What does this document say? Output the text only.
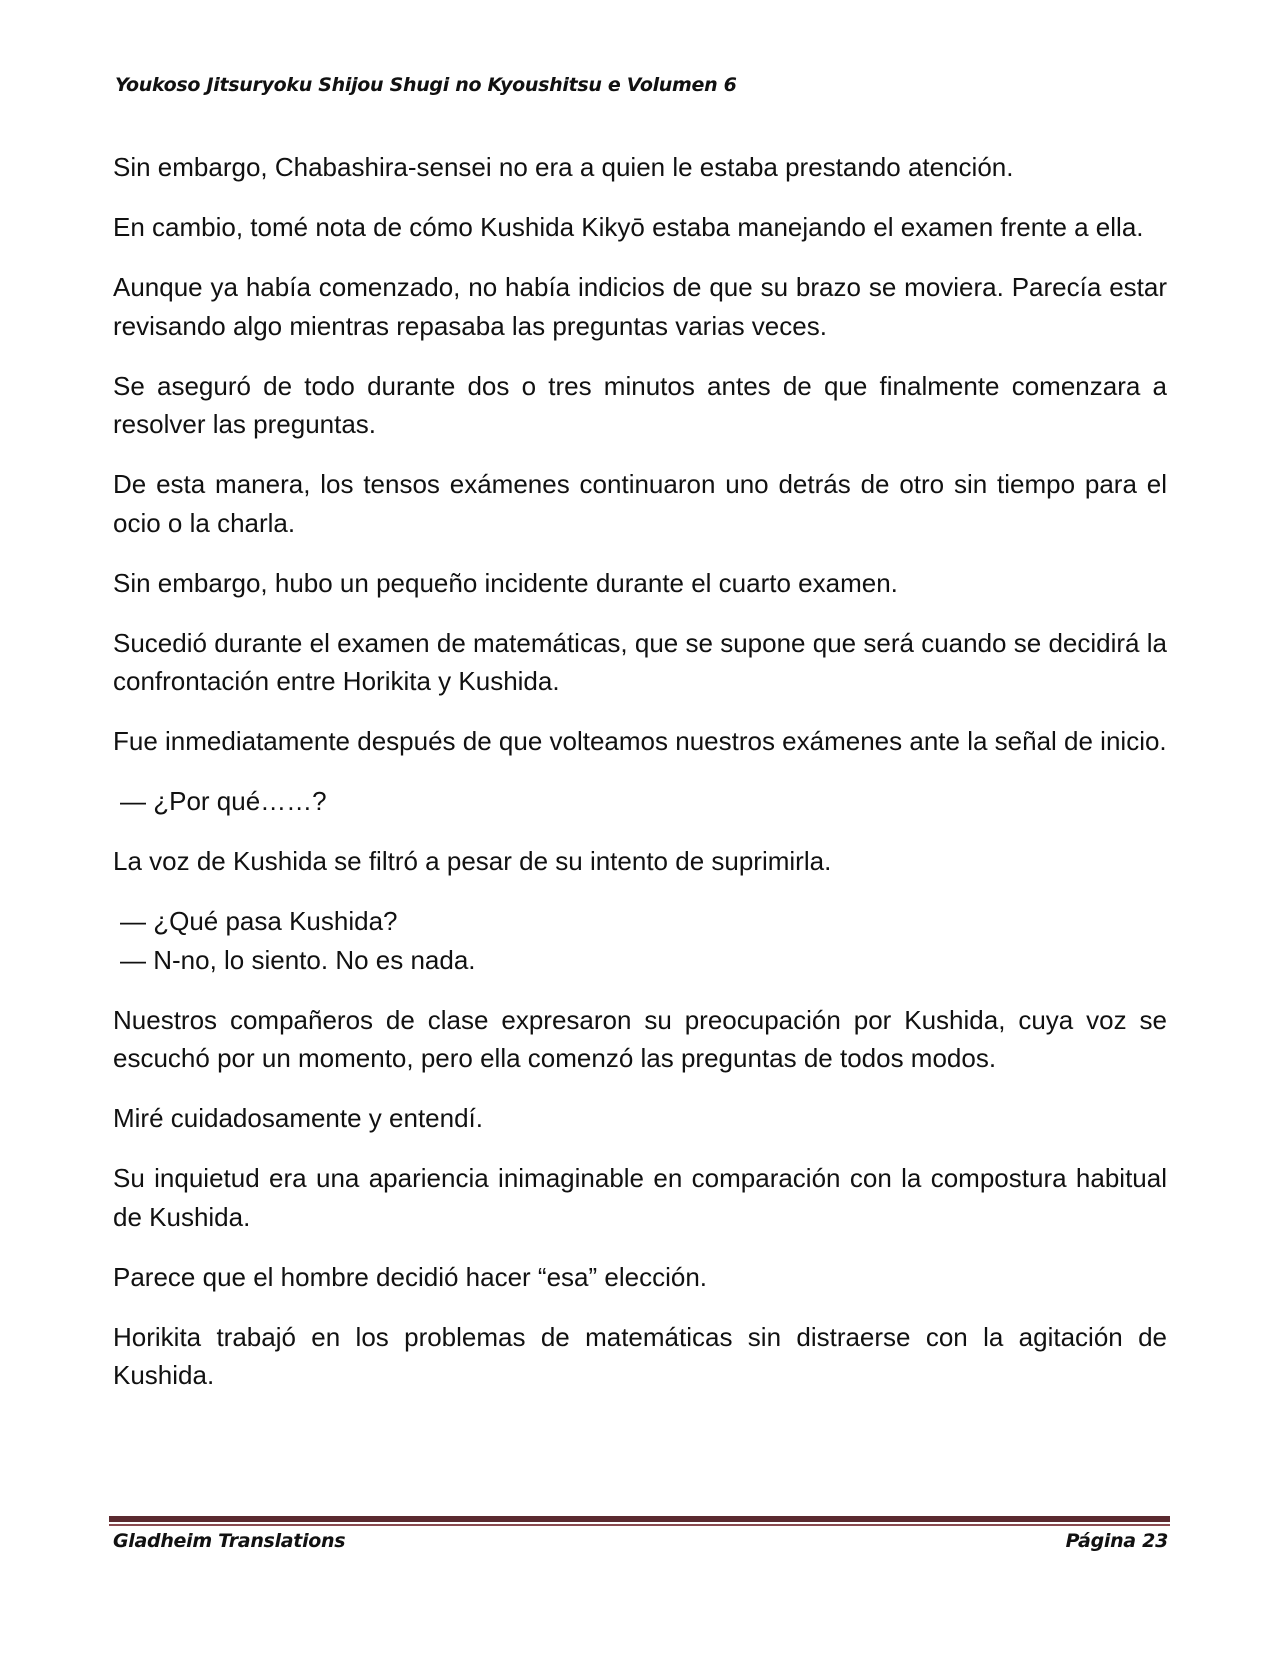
Youkoso Jitsuryoku Shijou Shugi no Kyoushitsu e Volumen 6

Sin embargo, Chabashira-sensei no era a quien le estaba prestando atención.

En cambio, tomé nota de cómo Kushida Kikyō estaba manejando el examen frente a ella.

Aunque ya había comenzado, no había indicios de que su brazo se moviera. Parecía estar revisando algo mientras repasaba las preguntas varias veces.

Se aseguró de todo durante dos o tres minutos antes de que finalmente comenzara a resolver las preguntas.

De esta manera, los tensos exámenes continuaron uno detrás de otro sin tiempo para el ocio o la charla.

Sin embargo, hubo un pequeño incidente durante el cuarto examen.

Sucedió durante el examen de matemáticas, que se supone que será cuando se decidirá la confrontación entre Horikita y Kushida.

Fue inmediatamente después de que volteamos nuestros exámenes ante la señal de inicio.

— ¿Por qué……?

La voz de Kushida se filtró a pesar de su intento de suprimirla.

— ¿Qué pasa Kushida?

— N-no, lo siento. No es nada.

Nuestros compañeros de clase expresaron su preocupación por Kushida, cuya voz se escuchó por un momento, pero ella comenzó las preguntas de todos modos.

Miré cuidadosamente y entendí.

Su inquietud era una apariencia inimaginable en comparación con la compostura habitual de Kushida.

Parece que el hombre decidió hacer “esa” elección.

Horikita trabajó en los problemas de matemáticas sin distraerse con la agitación de Kushida.

Gladheim Translations	Página 23
